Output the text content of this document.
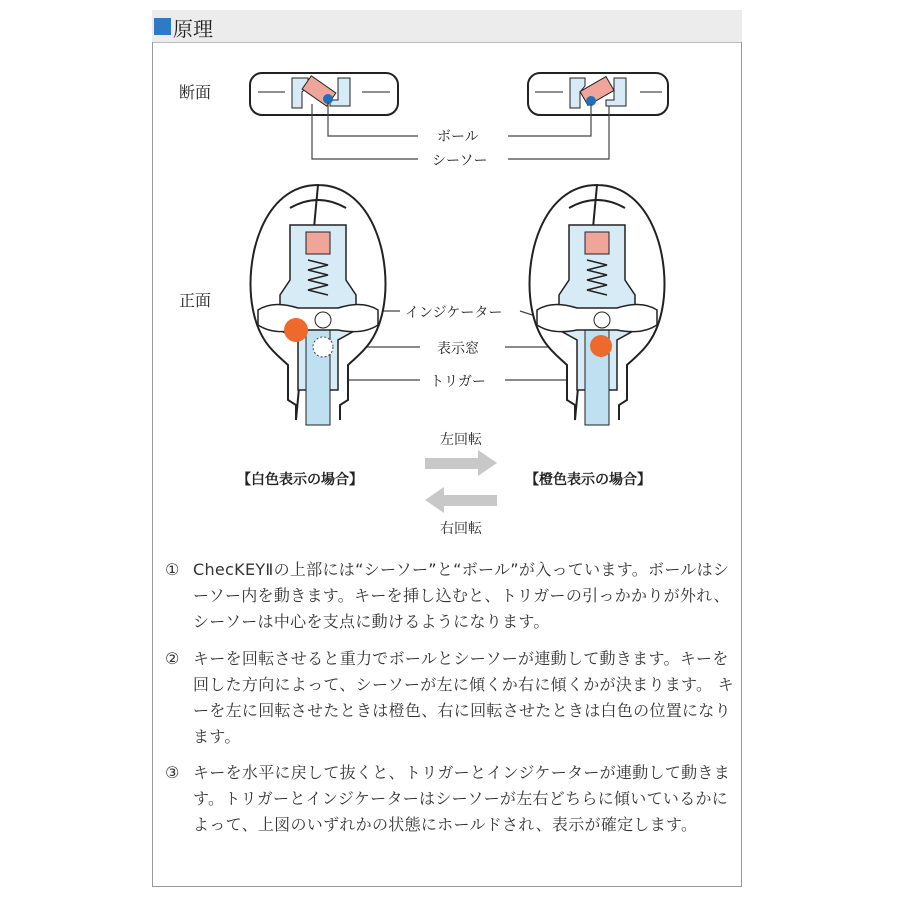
原理
断面
正面
ボール
シーソー
インジケーター
表示窓
トリガー
左回転
右回転
【白色表示の場合】	【橙色表示の場合】
① ChecKEYⅡの上部には“シーソー”と“ボール”が入っています。ボールはシーソー内を動きます。キーを挿し込むと、トリガーの引っかかりが外れ、シーソーは中心を支点に動けるようになります。
② キーを回転させると重力でボールとシーソーが連動して動きます。キーを回した方向によって、シーソーが左に傾くか右に傾くかが決まります。 キーを左に回転させたときは橙色、右に回転させたときは白色の位置になります。
③ キーを水平に戻して抜くと、トリガーとインジケーターが連動して動きます。トリガーとインジケーターはシーソーが左右どちらに傾いているかによって、上図のいずれかの状態にホールドされ、表示が確定します。
